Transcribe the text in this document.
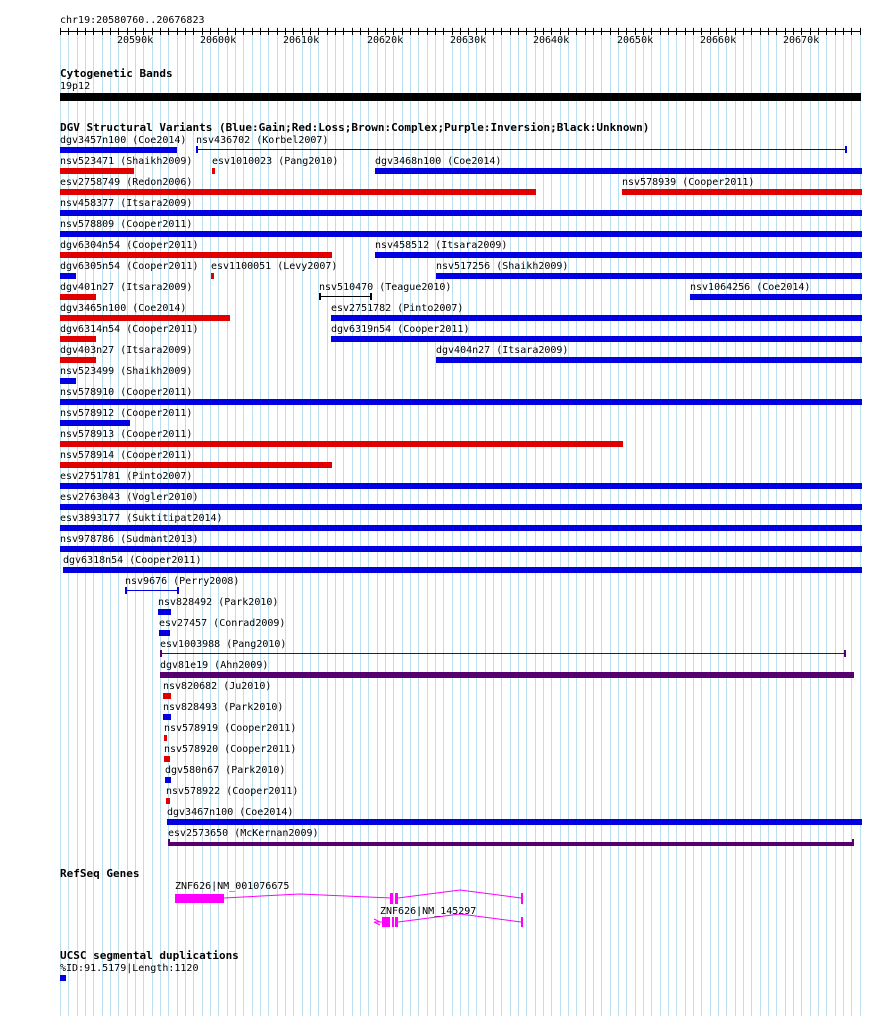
chr19:20580760..20676823
20590k	20600k	20610k	20620k	20630k	20640k	20650k	20660k	20670k
Cytogenetic Bands
19p12
DGV Structural Variants (Blue:Gain;Red:Loss;Brown:Complex;Purple:Inversion;Black:Unknown)
dgv3457n100 (Coe2014) nsv436702 (Korbel2007)
nsv523471 (Shaikh2009) esv1010023 (Pang2010)	dgv3468n100 (Coe2014)
esv2758749 (Redon2006)	nsv578939 (Cooper2011)
nsv458377 (Itsara2009)
nsv578809 (Cooper2011)
dgv6304n54 (Cooper2011)	nsv458512 (Itsara2009)
dgv6305n54 (Cooper2011) esv1100051 (Levy2007)	nsv517256 (Shaikh2009)
nsv510470 (Teague2010)
dgv401n27 (Itsara2009)	nsv1064256 (Coe2014)
dgv3465n100 (Coe2014)	esv2751782 (Pinto2007)
dgv6314n54 (Cooper2011)	dgv6319n54 (Cooper2011)
dgv403n27 (Itsara2009)	dgv404n27 (Itsara2009)
nsv523499 (Shaikh2009)
nsv578910 (Cooper2011)
nsv578912 (Cooper2011)
nsv578913 (Cooper2011)
nsv578914 (Cooper2011)
esv2751781 (Pinto2007)
esv2763043 (Vogler2010)
esv3893177 (Suktitipat2014)
nsv978786 (Sudmant2013)
dgv6318n54 (Cooper2011)
nsv9676 (Perry2008)
nsv828492 (Park2010)
esv27457 (Conrad2009)
esv1003988 (Pang2010)
dgv81e19 (Ahn2009)
nsv820682 (Ju2010)
nsv828493 (Park2010)
nsv578919 (Cooper2011)
nsv578920 (Cooper2011)
dgv580n67 (Park2010)
nsv578922 (Cooper2011)
dgv3467n100 (Coe2014)
esv2573650 (McKernan2009)
RefSeq Genes
ZNF626|NM_001076675
ZNF626|NM_145297
UCSC segmental duplications
%ID:91.5179|Length:1120
